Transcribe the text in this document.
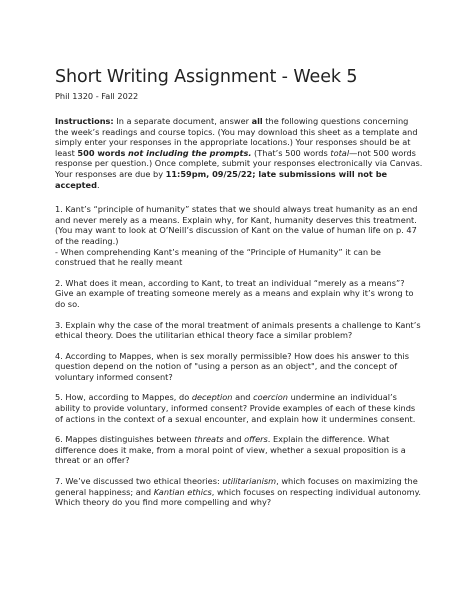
Short Writing Assignment - Week 5
Phil 1320 - Fall 2022

Instructions: In a separate document, answer all the following questions concerning the week’s readings and course topics. (You may download this sheet as a template and simply enter your responses in the appropriate locations.) Your responses should be at least 500 words not including the prompts. (That’s 500 words total—not 500 words response per question.) Once complete, submit your responses electronically via Canvas. Your responses are due by 11:59pm, 09/25/22; late submissions will not be accepted.

1. Kant’s “principle of humanity” states that we should always treat humanity as an end and never merely as a means. Explain why, for Kant, humanity deserves this treatment. (You may want to look at O’Neill’s discussion of Kant on the value of human life on p. 47 of the reading.)
- When comprehending Kant’s meaning of the “Principle of Humanity” it can be construed that he really meant

2. What does it mean, according to Kant, to treat an individual “merely as a means”? Give an example of treating someone merely as a means and explain why it’s wrong to do so.

3. Explain why the case of the moral treatment of animals presents a challenge to Kant’s ethical theory. Does the utilitarian ethical theory face a similar problem?

4. According to Mappes, when is sex morally permissible? How does his answer to this question depend on the notion of "using a person as an object", and the concept of voluntary informed consent?

5. How, according to Mappes, do deception and coercion undermine an individual’s ability to provide voluntary, informed consent? Provide examples of each of these kinds of actions in the context of a sexual encounter, and explain how it undermines consent.

6. Mappes distinguishes between threats and offers. Explain the difference. What difference does it make, from a moral point of view, whether a sexual proposition is a threat or an offer?

7. We’ve discussed two ethical theories: utilitarianism, which focuses on maximizing the general happiness; and Kantian ethics, which focuses on respecting individual autonomy. Which theory do you find more compelling and why?
